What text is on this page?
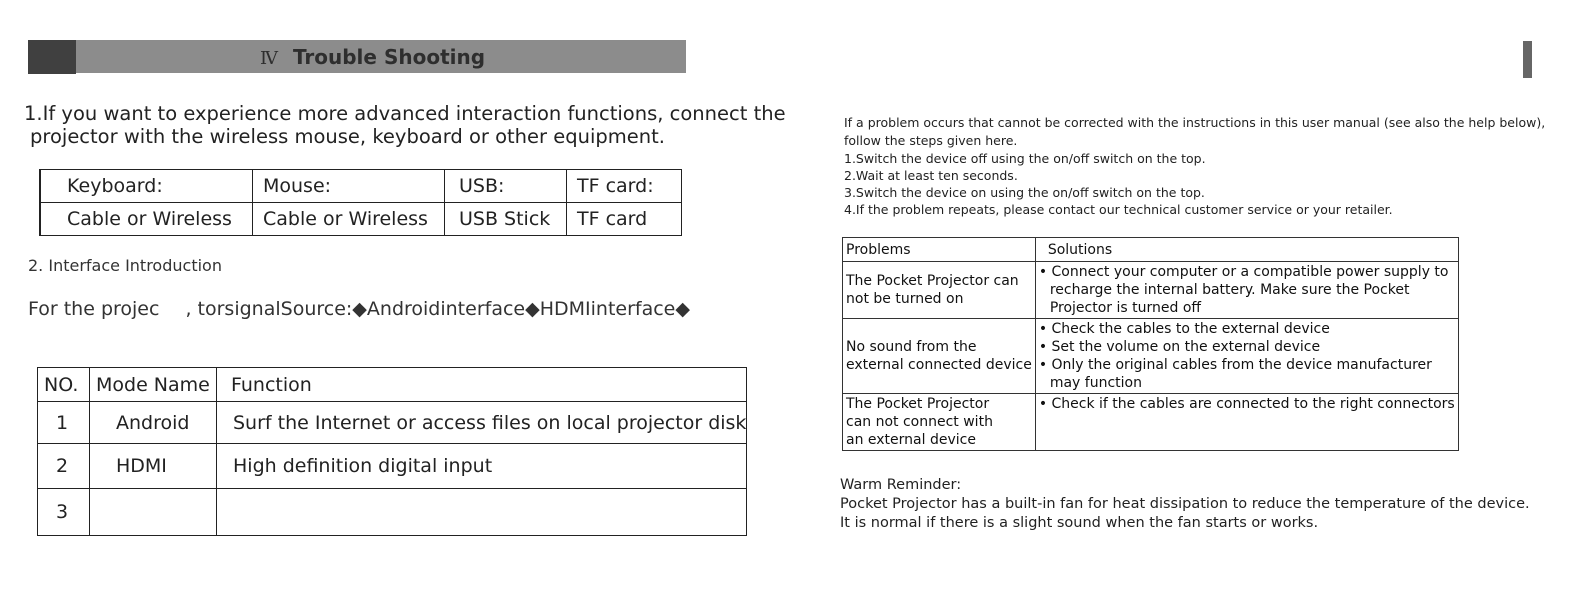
Ⅳ Trouble Shooting
1.If you want to experience more advanced interaction functions, connect the
projector with the wireless mouse, keyboard or other equipment.
Keyboard:	Mouse:	USB:	TF card:
Cable or Wireless	Cable or Wireless	USB Stick	TF card
2. Interface Introduction
For the projec , torsignalSource:◆Androidinterface◆HDMIinterface◆
NO.	Mode Name	Function
1	Android	Surf the Internet or access files on local projector disk
2	HDMI	High definition digital input
3		
If a problem occurs that cannot be corrected with the instructions in this user manual (see also the help below),
follow the steps given here.
1.Switch the device off using the on/off switch on the top.
2.Wait at least ten seconds.
3.Switch the device on using the on/off switch on the top.
4.If the problem repeats, please contact our technical customer service or your retailer.
Problems	Solutions

The Pocket Projector can
not be turned on	• Connect your computer or a compatible power supply to
recharge the internal battery. Make sure the Pocket
Projector is turned off

No sound from the
external connected device	• Check the cables to the external device
• Set the volume on the external device
• Only the original cables from the device manufacturer
may function

The Pocket Projector
can not connect with
an external device	• Check if the cables are connected to the right connectors
Warm Reminder:
Pocket Projector has a built-in fan for heat dissipation to reduce the temperature of the device.
It is normal if there is a slight sound when the fan starts or works.
